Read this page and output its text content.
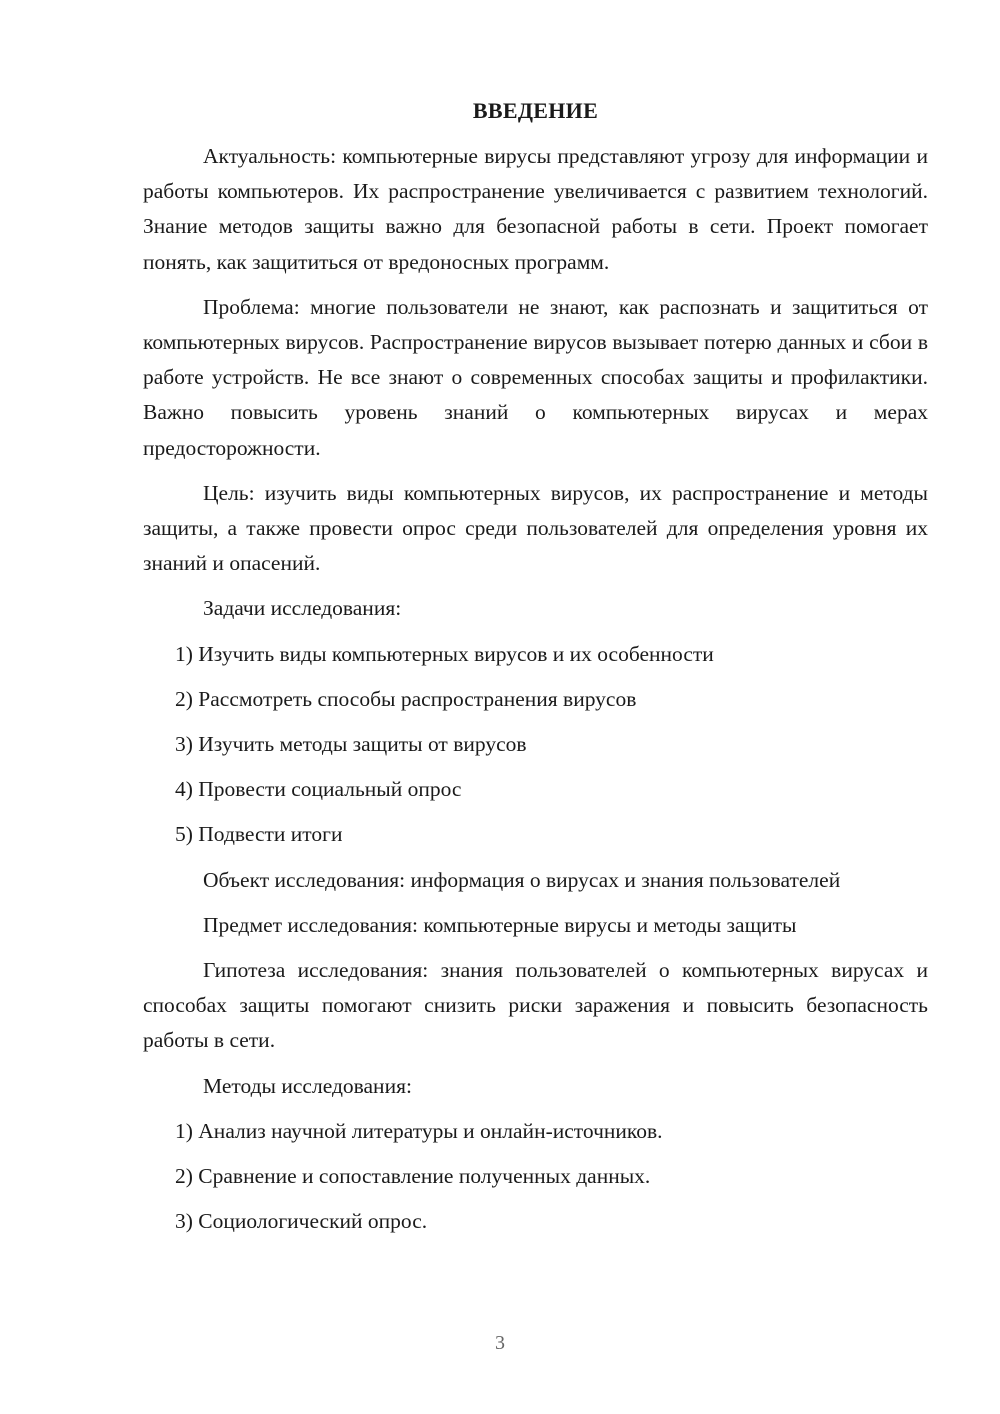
ВВЕДЕНИЕ

Актуальность: компьютерные вирусы представляют угрозу для информации и работы компьютеров. Их распространение увеличивается с развитием технологий. Знание методов защиты важно для безопасной работы в сети. Проект помогает понять, как защититься от вредоносных программ.

Проблема: многие пользователи не знают, как распознать и защититься от компьютерных вирусов. Распространение вирусов вызывает потерю данных и сбои в работе устройств. Не все знают о современных способах защиты и профилактики. Важно повысить уровень знаний о компьютерных вирусах и мерах предосторожности.

Цель: изучить виды компьютерных вирусов, их распространение и методы защиты, а также провести опрос среди пользователей для определения уровня их знаний и опасений.

Задачи исследования:

1) Изучить виды компьютерных вирусов и их особенности
2) Рассмотреть способы распространения вирусов
3) Изучить методы защиты от вирусов
4) Провести социальный опрос
5) Подвести итоги

Объект исследования: информация о вирусах и знания пользователей

Предмет исследования: компьютерные вирусы и методы защиты

Гипотеза исследования: знания пользователей о компьютерных вирусах и способах защиты помогают снизить риски заражения и повысить безопасность работы в сети.

Методы исследования:

1) Анализ научной литературы и онлайн-источников.
2) Сравнение и сопоставление полученных данных.
3) Социологический опрос.
3
